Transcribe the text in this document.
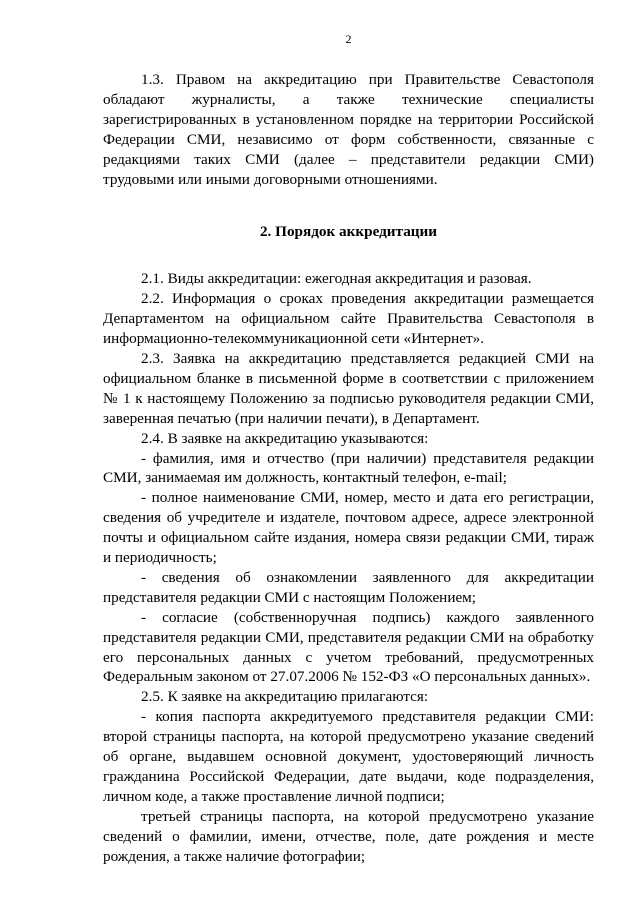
2

1.3. Правом на аккредитацию при Правительстве Севастополя обладают журналисты, а также технические специалисты зарегистрированных в установленном порядке на территории Российской Федерации СМИ, независимо от форм собственности, связанные с редакциями таких СМИ (далее – представители редакции СМИ) трудовыми или иными договорными отношениями.

2. Порядок аккредитации

2.1. Виды аккредитации: ежегодная аккредитация и разовая.

2.2. Информация о сроках проведения аккредитации размещается Департаментом на официальном сайте Правительства Севастополя в информационно-телекоммуникационной сети «Интернет».

2.3. Заявка на аккредитацию представляется редакцией СМИ на официальном бланке в письменной форме в соответствии с приложением № 1 к настоящему Положению за подписью руководителя редакции СМИ, заверенная печатью (при наличии печати), в Департамент.

2.4. В заявке на аккредитацию указываются:

- фамилия, имя и отчество (при наличии) представителя редакции СМИ, занимаемая им должность, контактный телефон, e-mail;

- полное наименование СМИ, номер, место и дата его регистрации, сведения об учредителе и издателе, почтовом адресе, адресе электронной почты и официальном сайте издания, номера связи редакции СМИ, тираж и периодичность;

- сведения об ознакомлении заявленного для аккредитации представителя редакции СМИ с настоящим Положением;

- согласие (собственноручная подпись) каждого заявленного представителя редакции СМИ, представителя редакции СМИ на обработку его персональных данных с учетом требований, предусмотренных Федеральным законом от 27.07.2006 № 152-ФЗ «О персональных данных».

2.5. К заявке на аккредитацию прилагаются:

- копия паспорта аккредитуемого представителя редакции СМИ: второй страницы паспорта, на которой предусмотрено указание сведений об органе, выдавшем основной документ, удостоверяющий личность гражданина Российской Федерации, дате выдачи, коде подразделения, личном коде, а также проставление личной подписи;

третьей страницы паспорта, на которой предусмотрено указание сведений о фамилии, имени, отчестве, поле, дате рождения и месте рождения, а также наличие фотографии;
